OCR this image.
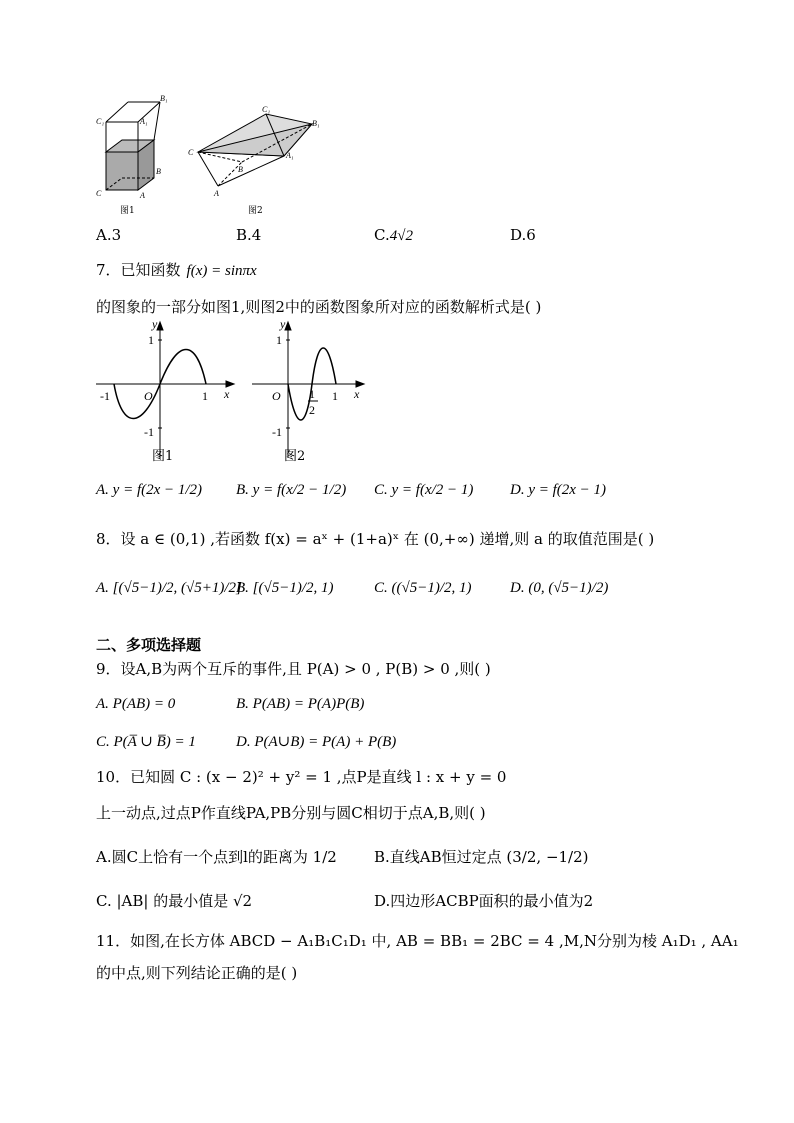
B₁
C₁	A₁
B
C	A
图1
C₁
B₁
C	A₁
B
A
图2
A.3	B.4	C.4√2	D.6
7．已知函数 f(x) = sinπx
的图象的一部分如图1,则图2中的函数图象所对应的函数解析式是( )
y
1
-1	O	1 x
-1
图1
y
1
O 1
2
1 x
-1
图2
A. y = f(2x − 1/2) B. y = f(x/2 − 1/2) C. y = f(x/2 − 1) D. y = f(2x − 1)
8．设 a ∈ (0,1) ,若函数 f(x) = aˣ + (1+a)ˣ 在 (0,+∞) 递增,则 a 的取值范围是( )
A. [(√5−1)/2, (√5+1)/2]
B. [(√5−1)/2, 1)	C. ((√5−1)/2, 1)	D. (0, (√5−1)/2)
二、多项选择题
9．设A,B为两个互斥的事件,且 P(A) > 0 , P(B) > 0 ,则( )
A. P(AB) = 0	B. P(AB) = P(A)P(B)
C. P(A̅ ∪ B̅) = 1	D. P(A∪B) = P(A) + P(B)
10．已知圆 C : (x − 2)² + y² = 1 ,点P是直线 l : x + y = 0
上一动点,过点P作直线PA,PB分别与圆C相切于点A,B,则( )
A.圆C上恰有一个点到l的距离为 1/2 B.直线AB恒过定点 (3/2, −1/2)
C. |AB| 的最小值是 √2	D.四边形ACBP面积的最小值为2
11．如图,在长方体 ABCD − A₁B₁C₁D₁ 中, AB = BB₁ = 2BC = 4 ,M,N分别为棱 A₁D₁ , AA₁
的中点,则下列结论正确的是( )
